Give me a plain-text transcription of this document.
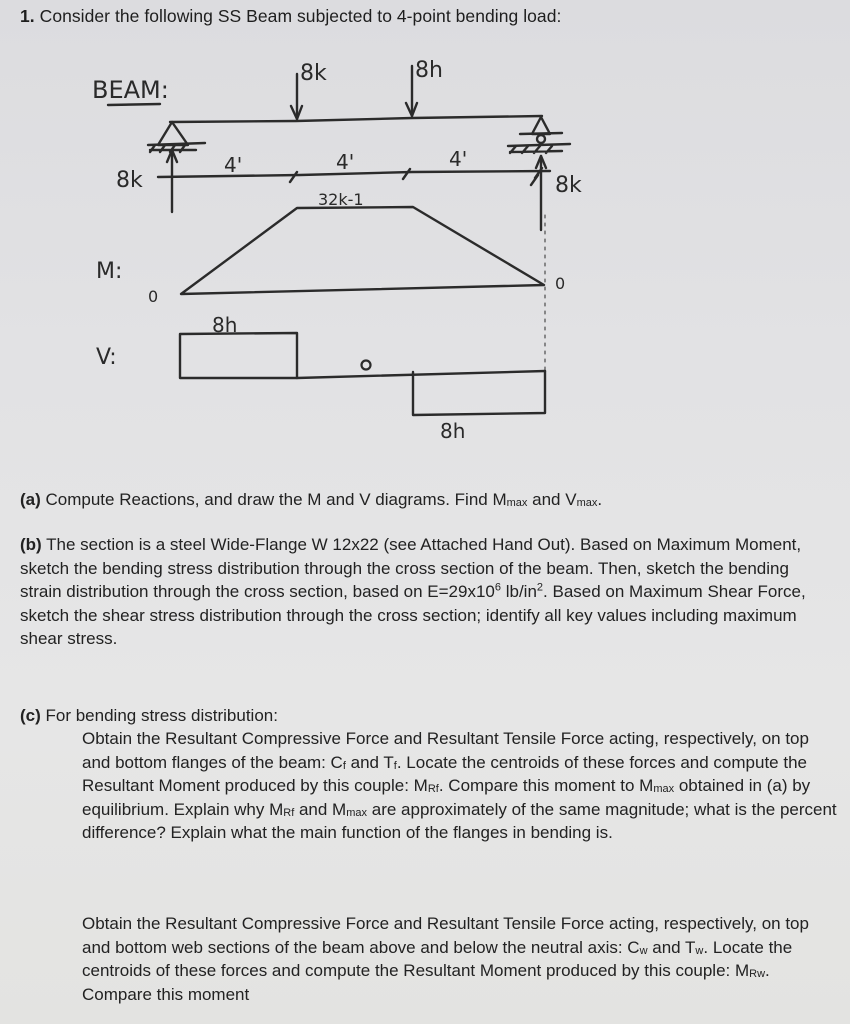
1. Consider the following SS Beam subjected to 4-point bending load:
BEAM:
8k	8h
4'	4'	4'
8k	8k
32k-1
M:
0
0
V:
8h
8h
(a) Compute Reactions, and draw the M and V diagrams. Find $M_{max}$ and $V_{max}$.
(b) The section is a steel Wide-Flange W 12x22 (see Attached Hand Out). Based on Maximum Moment, sketch the bending stress distribution through the cross section of the beam. Then, sketch the bending strain distribution through the cross section, based on $E=29x10^6$ $lb/in^2$. Based on Maximum Shear Force, sketch the shear stress distribution through the cross section; identify all key values including maximum shear stress.
(c) For bending stress distribution:
Obtain the Resultant Compressive Force and Resultant Tensile Force acting, respectively, on top and bottom flanges of the beam: $C_f$ and $T_f$. Locate the centroids of these forces and compute the Resultant Moment produced by this couple: $M_{Rf}$. Compare this moment to $M_{max}$ obtained in (a) by equilibrium. Explain why $M_{Rf}$ and $M_{max}$ are approximately of the same magnitude; what is the percent difference? Explain what the main function of the flanges in bending is.
Obtain the Resultant Compressive Force and Resultant Tensile Force acting, respectively, on top and bottom web sections of the beam above and below the neutral axis: $C_w$ and $T_w$. Locate the centroids of these forces and compute the Resultant Moment produced by this couple: $M_{Rw}$. Compare this moment
